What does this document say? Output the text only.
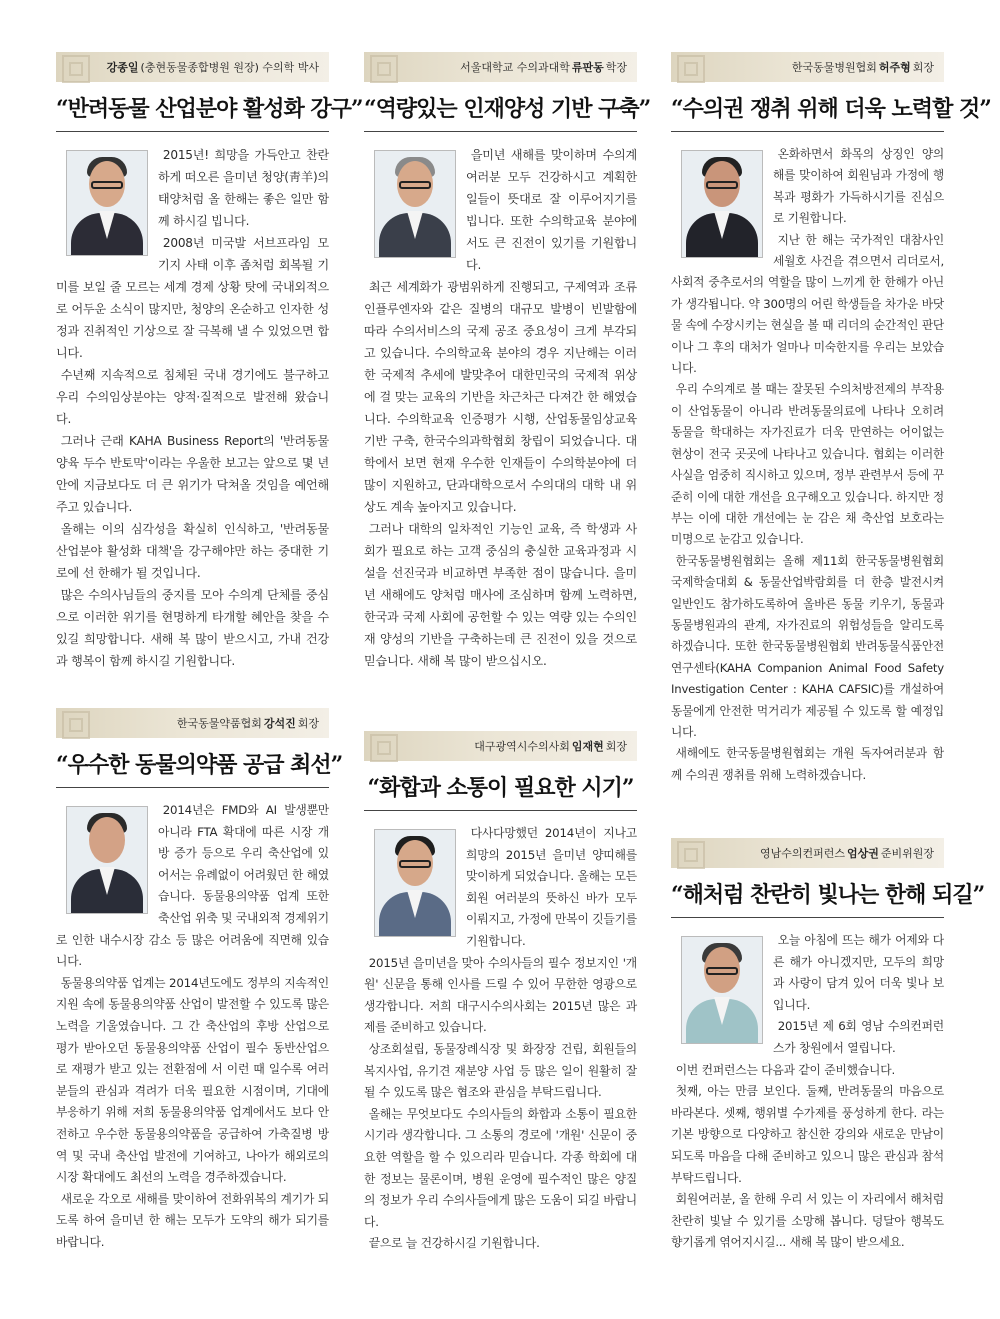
강종일 (충현동물종합병원 원장) 수의학 박사
“반려동물 산업분야 활성화 강구”

2015년! 희망을 가득안고 찬란하게 떠오른 을미년 청양(靑羊)의 태양처럼 올 한해는 좋은 일만 함께 하시길 빕니다.

2008년 미국발 서브프라임 모기지 사태 이후 좀처럼 회복될 기미를 보일 줄 모르는 세계 경제 상황 탓에 국내외적으로 어두운 소식이 많지만, 청양의 온순하고 인자한 성정과 진취적인 기상으로 잘 극복해 낼 수 있었으면 합니다.

수년째 지속적으로 침체된 국내 경기에도 불구하고 우리 수의임상분야는 양적·질적으로 발전해 왔습니다.

그러나 근래 KAHA Business Report의 '반려동물 양육 두수 반토막'이라는 우울한 보고는 앞으로 몇 년 안에 지금보다도 더 큰 위기가 닥쳐올 것임을 예언해 주고 있습니다.

올해는 이의 심각성을 확실히 인식하고, '반려동물 산업분야 활성화 대책'을 강구해야만 하는 중대한 기로에 선 한해가 될 것입니다.

많은 수의사님들의 중지를 모아 수의계 단체를 중심으로 이러한 위기를 현명하게 타개할 혜안을 찾을 수 있길 희망합니다. 새해 복 많이 받으시고, 가내 건강과 행복이 함께 하시길 기원합니다.

서울대학교 수의과대학 류판동 학장
“역량있는 인재양성 기반 구축”

을미년 새해를 맞이하며 수의계 여러분 모두 건강하시고 계획한 일들이 뜻대로 잘 이루어지기를 빕니다. 또한 수의학교육 분야에서도 큰 진전이 있기를 기원합니다.

최근 세계화가 광범위하게 진행되고, 구제역과 조류인플루엔자와 같은 질병의 대규모 발병이 빈발함에 따라 수의서비스의 국제 공조 중요성이 크게 부각되고 있습니다. 수의학교육 분야의 경우 지난해는 이러한 국제적 추세에 발맞추어 대한민국의 국제적 위상에 걸 맞는 교육의 기반을 차근차근 다져간 한 해였습니다. 수의학교육 인증평가 시행, 산업동물임상교육기반 구축, 한국수의과학협회 창립이 되었습니다. 대학에서 보면 현재 우수한 인재들이 수의학분야에 더 많이 지원하고, 단과대학으로서 수의대의 대학 내 위상도 계속 높아지고 있습니다.

그러나 대학의 일차적인 기능인 교육, 즉 학생과 사회가 필요로 하는 고객 중심의 충실한 교육과정과 시설을 선진국과 비교하면 부족한 점이 많습니다. 을미년 새해에도 양처럼 매사에 조심하며 함께 노력하면, 한국과 국제 사회에 공헌할 수 있는 역량 있는 수의인재 양성의 기반을 구축하는데 큰 진전이 있을 것으로 믿습니다. 새해 복 많이 받으십시오.

한국동물병원협회 허주형 회장
“수의권 쟁취 위해 더욱 노력할 것”

온화하면서 화목의 상징인 양의 해를 맞이하여 회원님과 가정에 행복과 평화가 가득하시기를 진심으로 기원합니다.

지난 한 해는 국가적인 대참사인 세월호 사건을 겪으면서 리더로서, 사회적 중추로서의 역할을 많이 느끼게 한 한해가 아닌가 생각됩니다. 약 300명의 어린 학생들을 차가운 바닷물 속에 수장시키는 현실을 볼 때 리더의 순간적인 판단이나 그 후의 대처가 얼마나 미숙한지를 우리는 보았습니다.

우리 수의계로 볼 때는 잘못된 수의처방전제의 부작용이 산업동물이 아니라 반려동물의료에 나타나 오히려 동물을 학대하는 자가진료가 더욱 만연하는 어이없는 현상이 전국 곳곳에 나타나고 있습니다. 협회는 이러한 사실을 엄중히 직시하고 있으며, 정부 관련부서 등에 꾸준히 이에 대한 개선을 요구해오고 있습니다. 하지만 정부는 이에 대한 개선에는 눈 감은 채 축산업 보호라는 미명으로 눈감고 있습니다.

한국동물병원협회는 올해 제11회 한국동물병원협회 국제학술대회 & 동물산업박람회를 더 한층 발전시켜 일반인도 참가하도록하여 올바른 동물 키우기, 동물과 동물병원과의 관계, 자가진료의 위험성들을 알리도록 하겠습니다. 또한 한국동물병원협회 반려동물식품안전연구센타(KAHA Companion Animal Food Safety Investigation Center : KAHA CAFSIC)를 개설하여 동물에게 안전한 먹거리가 제공될 수 있도록 할 예정입니다.

새해에도 한국동물병원협회는 개원 독자여러분과 함께 수의권 쟁취를 위해 노력하겠습니다.

한국동물약품협회 강석진 회장
“우수한 동물의약품 공급 최선”

2014년은 FMD와 AI 발생뿐만 아니라 FTA 확대에 따른 시장 개방 증가 등으로 우리 축산업에 있어서는 유례없이 어려웠던 한 해였습니다. 동물용의약품 업계 또한 축산업 위축 및 국내외적 경제위기로 인한 내수시장 감소 등 많은 어려움에 직면해 있습니다.

동물용의약품 업계는 2014년도에도 정부의 지속적인 지원 속에 동물용의약품 산업이 발전할 수 있도록 많은 노력을 기울였습니다. 그 간 축산업의 후방 산업으로 평가 받아오던 동물용의약품 산업이 필수 동반산업으로 재평가 받고 있는 전환점에 서 이런 때 일수록 여러분들의 관심과 격려가 더욱 필요한 시점이며, 기대에 부응하기 위해 저희 동물용의약품 업계에서도 보다 안전하고 우수한 동물용의약품을 공급하여 가축질병 방역 및 국내 축산업 발전에 기여하고, 나아가 해외로의 시장 확대에도 최선의 노력을 경주하겠습니다.

새로운 각오로 새해를 맞이하여 전화위복의 계기가 되도록 하여 을미년 한 해는 모두가 도약의 해가 되기를 바랍니다.

대구광역시수의사회 임재현 회장
“화합과 소통이 필요한 시기”

다사다망했던 2014년이 지나고 희망의 2015년 을미년 양띠해를 맞이하게 되었습니다. 올해는 모든 회원 여러분의 뜻하신 바가 모두 이뤄지고, 가정에 만복이 깃들기를 기원합니다.

2015년 을미년을 맞아 수의사들의 필수 정보지인 '개원' 신문을 통해 인사를 드릴 수 있어 무한한 영광으로 생각합니다. 저희 대구시수의사회는 2015년 많은 과제를 준비하고 있습니다.

상조회설립, 동물장례식장 및 화장장 건립, 회원들의 복지사업, 유기견 재분양 사업 등 많은 일이 원활히 잘 될 수 있도록 많은 협조와 관심을 부탁드립니다.

올해는 무엇보다도 수의사들의 화합과 소통이 필요한 시기라 생각합니다. 그 소통의 경로에 '개원' 신문이 중요한 역할을 할 수 있으리라 믿습니다. 각종 학회에 대한 정보는 물론이며, 병원 운영에 필수적인 많은 양질의 정보가 우리 수의사들에게 많은 도움이 되길 바랍니다.

끝으로 늘 건강하시길 기원합니다.

영남수의컨퍼런스 엄상권 준비위원장
“해처럼 찬란히 빛나는 한해 되길”

오늘 아침에 뜨는 해가 어제와 다른 해가 아니겠지만, 모두의 희망과 사랑이 담겨 있어 더욱 빛나 보입니다.

2015년 제 6회 영남 수의컨퍼런스가 창원에서 열립니다.

이번 컨퍼런스는 다음과 같이 준비했습니다.

첫째, 아는 만큼 보인다. 둘째, 반려동물의 마음으로 바라본다. 셋째, 행위별 수가제를 풍성하게 한다. 라는 기본 방향으로 다양하고 참신한 강의와 새로운 만남이 되도록 마음을 다해 준비하고 있으니 많은 관심과 참석 부탁드립니다.

회원여러분, 올 한해 우리 서 있는 이 자리에서 해처럼 찬란히 빛날 수 있기를 소망해 봅니다. 덩달아 행복도 향기롭게 엮어지시길... 새해 복 많이 받으세요.
